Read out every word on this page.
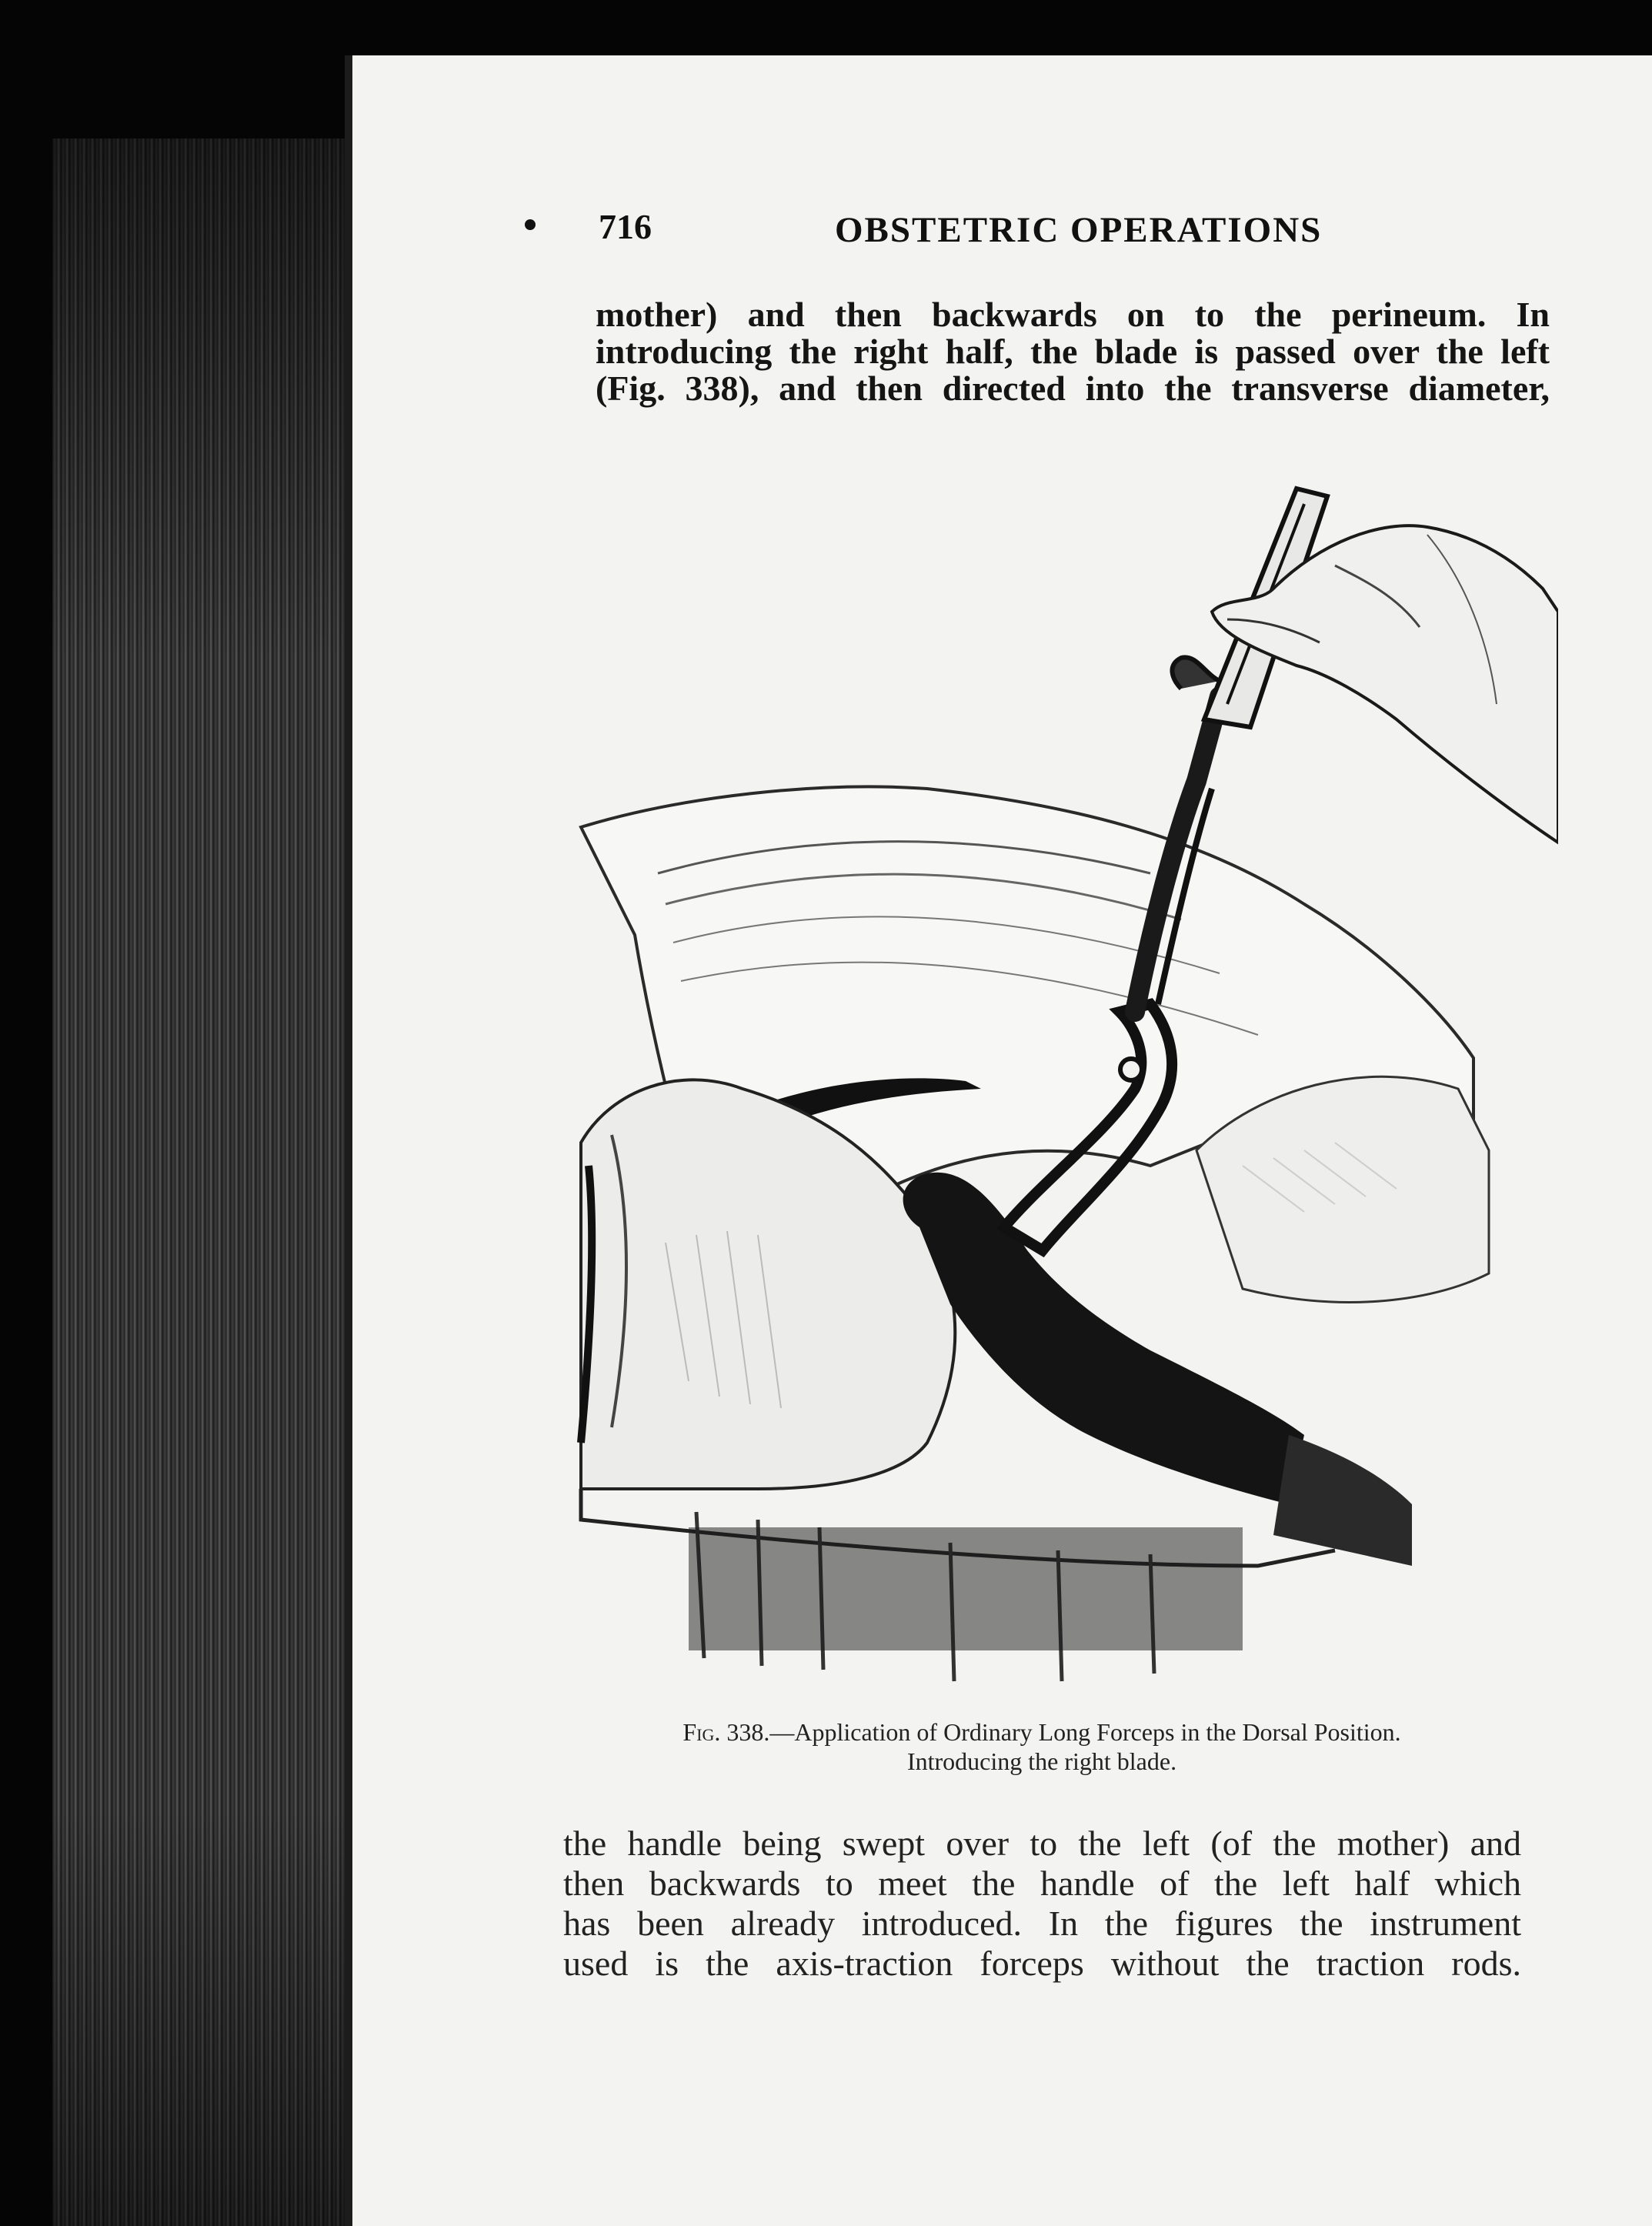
716	OBSTETRIC OPERATIONS
mother) and then backwards on to the perineum. In
introducing the right half, the blade is passed over the left
(Fig. 338), and then directed into the transverse diameter,
Fig. 338.—Application of Ordinary Long Forceps in the Dorsal Position.
Introducing the right blade.
the handle being swept over to the left (of the mother) and
then backwards to meet the handle of the left half which
has been already introduced. In the figures the instrument
used is the axis-traction forceps without the traction rods.
